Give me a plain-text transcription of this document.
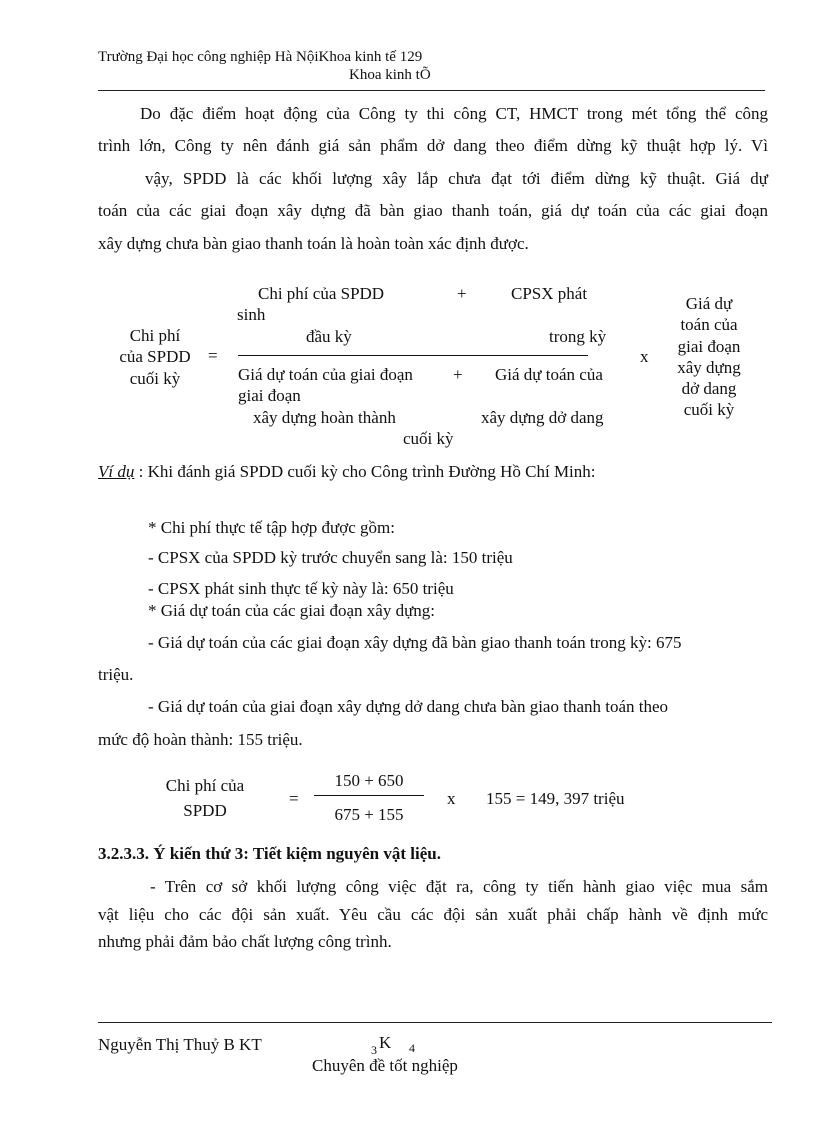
Trường Đại học công nghiệp Hà NộiKhoa kinh tế 129
Khoa kinh tÕ
Do đặc điểm hoạt động của Công ty thi công CT, HMCT trong mét tổng thể công
trình lớn, Công ty nên đánh giá sản phẩm dở dang theo điểm dừng kỹ thuật hợp lý. Vì
vậy, SPDD là các khối lượng xây lắp chưa đạt tới điểm dừng kỹ thuật. Giá dự
toán của các giai đoạn xây dựng đã bàn giao thanh toán, giá dự toán của các giai đoạn
xây dựng chưa bàn giao thanh toán là hoàn toàn xác định được.
Chi phí
của SPDD
cuối kỳ
=
Chi phí của SPDD	+	CPSX phát
sinh
đầu kỳ	trong kỳ
Giá dự toán của giai đoạn + Giá dự toán của
giai đoạn
xây dựng hoàn thành	xây dựng dở dang
cuối kỳ
x
Giá dự
toán của
giai đoạn
xây dựng
dở dang
cuối kỳ
Ví dụ : Khi đánh giá SPDD cuối kỳ cho Công trình Đường Hồ Chí Minh:
* Chi phí thực tế tập hợp được gồm:
- CPSX của SPDD kỳ trước chuyển sang là: 150 triệu
- CPSX phát sinh thực tế kỳ này là: 650 triệu
* Giá dự toán của các giai đoạn xây dựng:
- Giá dự toán của các giai đoạn xây dựng đã bàn giao thanh toán trong kỳ: 675
triệu.
- Giá dự toán của giai đoạn xây dựng dở dang chưa bàn giao thanh toán theo
mức độ hoàn thành: 155 triệu.
Chi phí của
SPDD
=
150 + 650
675 + 155
x 155 = 149, 397 triệu
3.2.3.3. Ý kiến thứ 3: Tiết kiệm nguyên vật liệu.
- Trên cơ sở khối lượng công việc đặt ra, công ty tiến hành giao việc mua sắm
vật liệu cho các đội sản xuất. Yêu cầu các đội sản xuất phải chấp hành về định mức
nhưng phải đảm bảo chất lượng công trình.
Nguyễn Thị Thuỷ B KT	3 K 4
Chuyên đề tốt nghiệp
